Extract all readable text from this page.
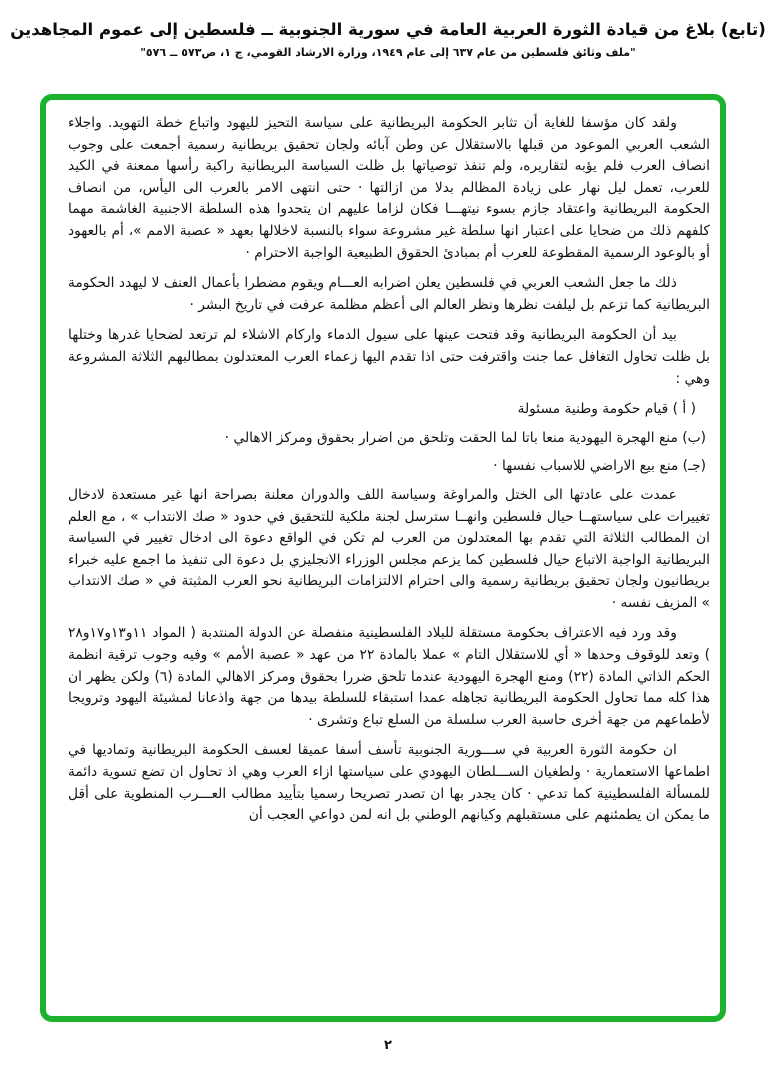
(تابع) بلاغ من قيادة الثورة العربية العامة في سورية الجنوبية ــ فلسطين إلى عموم المجاهدين
"ملف وثائق فلسطين من عام ٦٣٧ إلى عام ١٩٤٩، وزارة الارشاد القومي، ج ١، ص٥٧٣ ــ ٥٧٦"

ولقد كان مؤسفا للغاية أن تثابر الحكومة البريطانية على سياسة التحيز لليهود واتباع خطة التهويد. واجلاء الشعب العربي الموعود من قبلها بالاستقلال عن وطن آبائه ولجان تحقيق بريطانية رسمية أجمعت على وجوب انصاف العرب فلم يؤبه لتقاريره، ولم تنفذ توصياتها بل ظلت السياسة البريطانية راكبة رأسها ممعنة في الكيد للعرب، تعمل ليل نهار على زيادة المظالم بدلا من ازالتها · حتى انتهى الامر بالعرب الى اليأس، من انصاف الحكومة البريطانية واعتقاد جازم بسوء نيتهـــا فكان لزاما عليهم ان يتحدوا هذه السلطة الاجنبية الغاشمة مهما كلفهم ذلك من ضحايا على اعتبار انها سلطة غير مشروعة سواء بالنسبة لاخلالها بعهد « عصبة الامم »، أم بالعهود أو بالوعود الرسمية المقطوعة للعرب أم بمبادئ الحقوق الطبيعية الواجبة الاحترام ·

ذلك ما جعل الشعب العربي في فلسطين يعلن اضرابه العـــام ويقوم مضطرا بأعمال العنف لا ليهدد الحكومة البريطانية كما تزعم بل ليلفت نظرها ونظر العالم الى أعظم مظلمة عرفت في تاريخ البشر ·

بيد أن الحكومة البريطانية وقد فتحت عينها على سيول الدماء واركام الاشلاء لم ترتعد لضحايا غدرها وختلها بل ظلت تحاول التغافل عما جنت واقترفت حتى اذا تقدم اليها زعماء العرب المعتدلون بمطالبهم الثلاثة المشروعة وهي :

( أ ) قيام حكومة وطنية مسئولة

(ب) منع الهجرة اليهودية منعا باتا لما الحقت وتلحق من اضرار بحقوق ومركز الاهالي ·

(جـ) منع بيع الاراضي للاسباب نفسها ·

عمدت على عادتها الى الختل والمراوغة وسياسة اللف والدوران معلنة بصراحة انها غير مستعدة لادخال تغييرات على سياستهــا حيال فلسطين وانهــا سترسل لجنة ملكية للتحقيق في حدود « صك الانتداب » ، مع العلم ان المطالب الثلاثة التي تقدم بها المعتدلون من العرب لم تكن في الواقع دعوة الى ادخال تغيير في السياسة البريطانية الواجبة الاتباع حيال فلسطين كما يزعم مجلس الوزراء الانجليزي بل دعوة الى تنفيذ ما اجمع عليه خبراء بريطانيون ولجان تحقيق بريطانية رسمية والى احترام الالتزامات البريطانية نحو العرب المثبتة في « صك الانتداب » المزيف نفسه ·

وقد ورد فيه الاعتراف بحكومة مستقلة للبلاد الفلسطينية منفصلة عن الدولة المنتدبة ( المواد ١١و١٣و١٧و٢٨ ) وتعد للوقوف وحدها « أي للاستقلال التام » عملا بالمادة ٢٢ من عهد « عصبة الأمم » وفيه وجوب ترقية انظمة الحكم الذاتي المادة (٢٢) ومنع الهجرة اليهودية عندما تلحق ضررا بحقوق ومركز الاهالي المادة (٦) ولكن يظهر ان هذا كله مما تحاول الحكومة البريطانية تجاهله عمدا استبقاء للسلطة بيدها من جهة واذعانا لمشيئة اليهود وترويجا لأطماعهم من جهة أخرى حاسبة العرب سلسلة من السلع تباع وتشرى ·

ان حكومة الثورة العربية في ســـورية الجنوبية تأسف أسفا عميقا لعسف الحكومة البريطانية وتماديها في اطماعها الاستعمارية · ولطغيان الســـلطان اليهودي على سياستها ازاء العرب وهي اذ تحاول ان تضع تسوية دائمة للمسألة الفلسطينية كما تدعي · كان يجدر بها ان تصدر تصريحا رسميا بتأييد مطالب العـــرب المنطوية على أقل ما يمكن ان يطمئنهم على مستقبلهم وكيانهم الوطني بل انه لمن دواعي العجب أن

٢
